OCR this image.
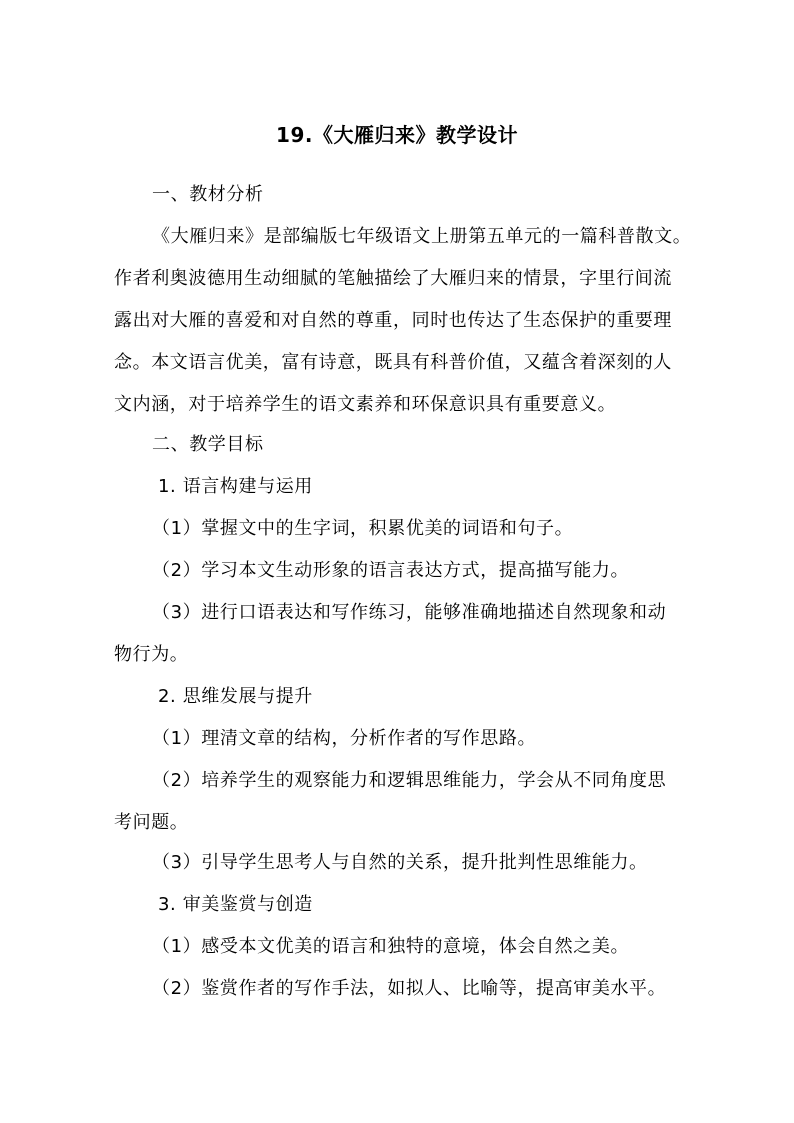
19.《大雁归来》教学设计
一、教材分析
《大雁归来》是部编版七年级语文上册第五单元的一篇科普散文。
作者利奥波德用生动细腻的笔触描绘了大雁归来的情景，字里行间流
露出对大雁的喜爱和对自然的尊重，同时也传达了生态保护的重要理
念。本文语言优美，富有诗意，既具有科普价值，又蕴含着深刻的人
文内涵，对于培养学生的语文素养和环保意识具有重要意义。
二、教学目标
1. 语言构建与运用
（1）掌握文中的生字词，积累优美的词语和句子。
（2）学习本文生动形象的语言表达方式，提高描写能力。
（3）进行口语表达和写作练习，能够准确地描述自然现象和动
物行为。
2. 思维发展与提升
（1）理清文章的结构，分析作者的写作思路。
（2）培养学生的观察能力和逻辑思维能力，学会从不同角度思
考问题。
（3）引导学生思考人与自然的关系，提升批判性思维能力。
3. 审美鉴赏与创造
（1）感受本文优美的语言和独特的意境，体会自然之美。
（2）鉴赏作者的写作手法，如拟人、比喻等，提高审美水平。
